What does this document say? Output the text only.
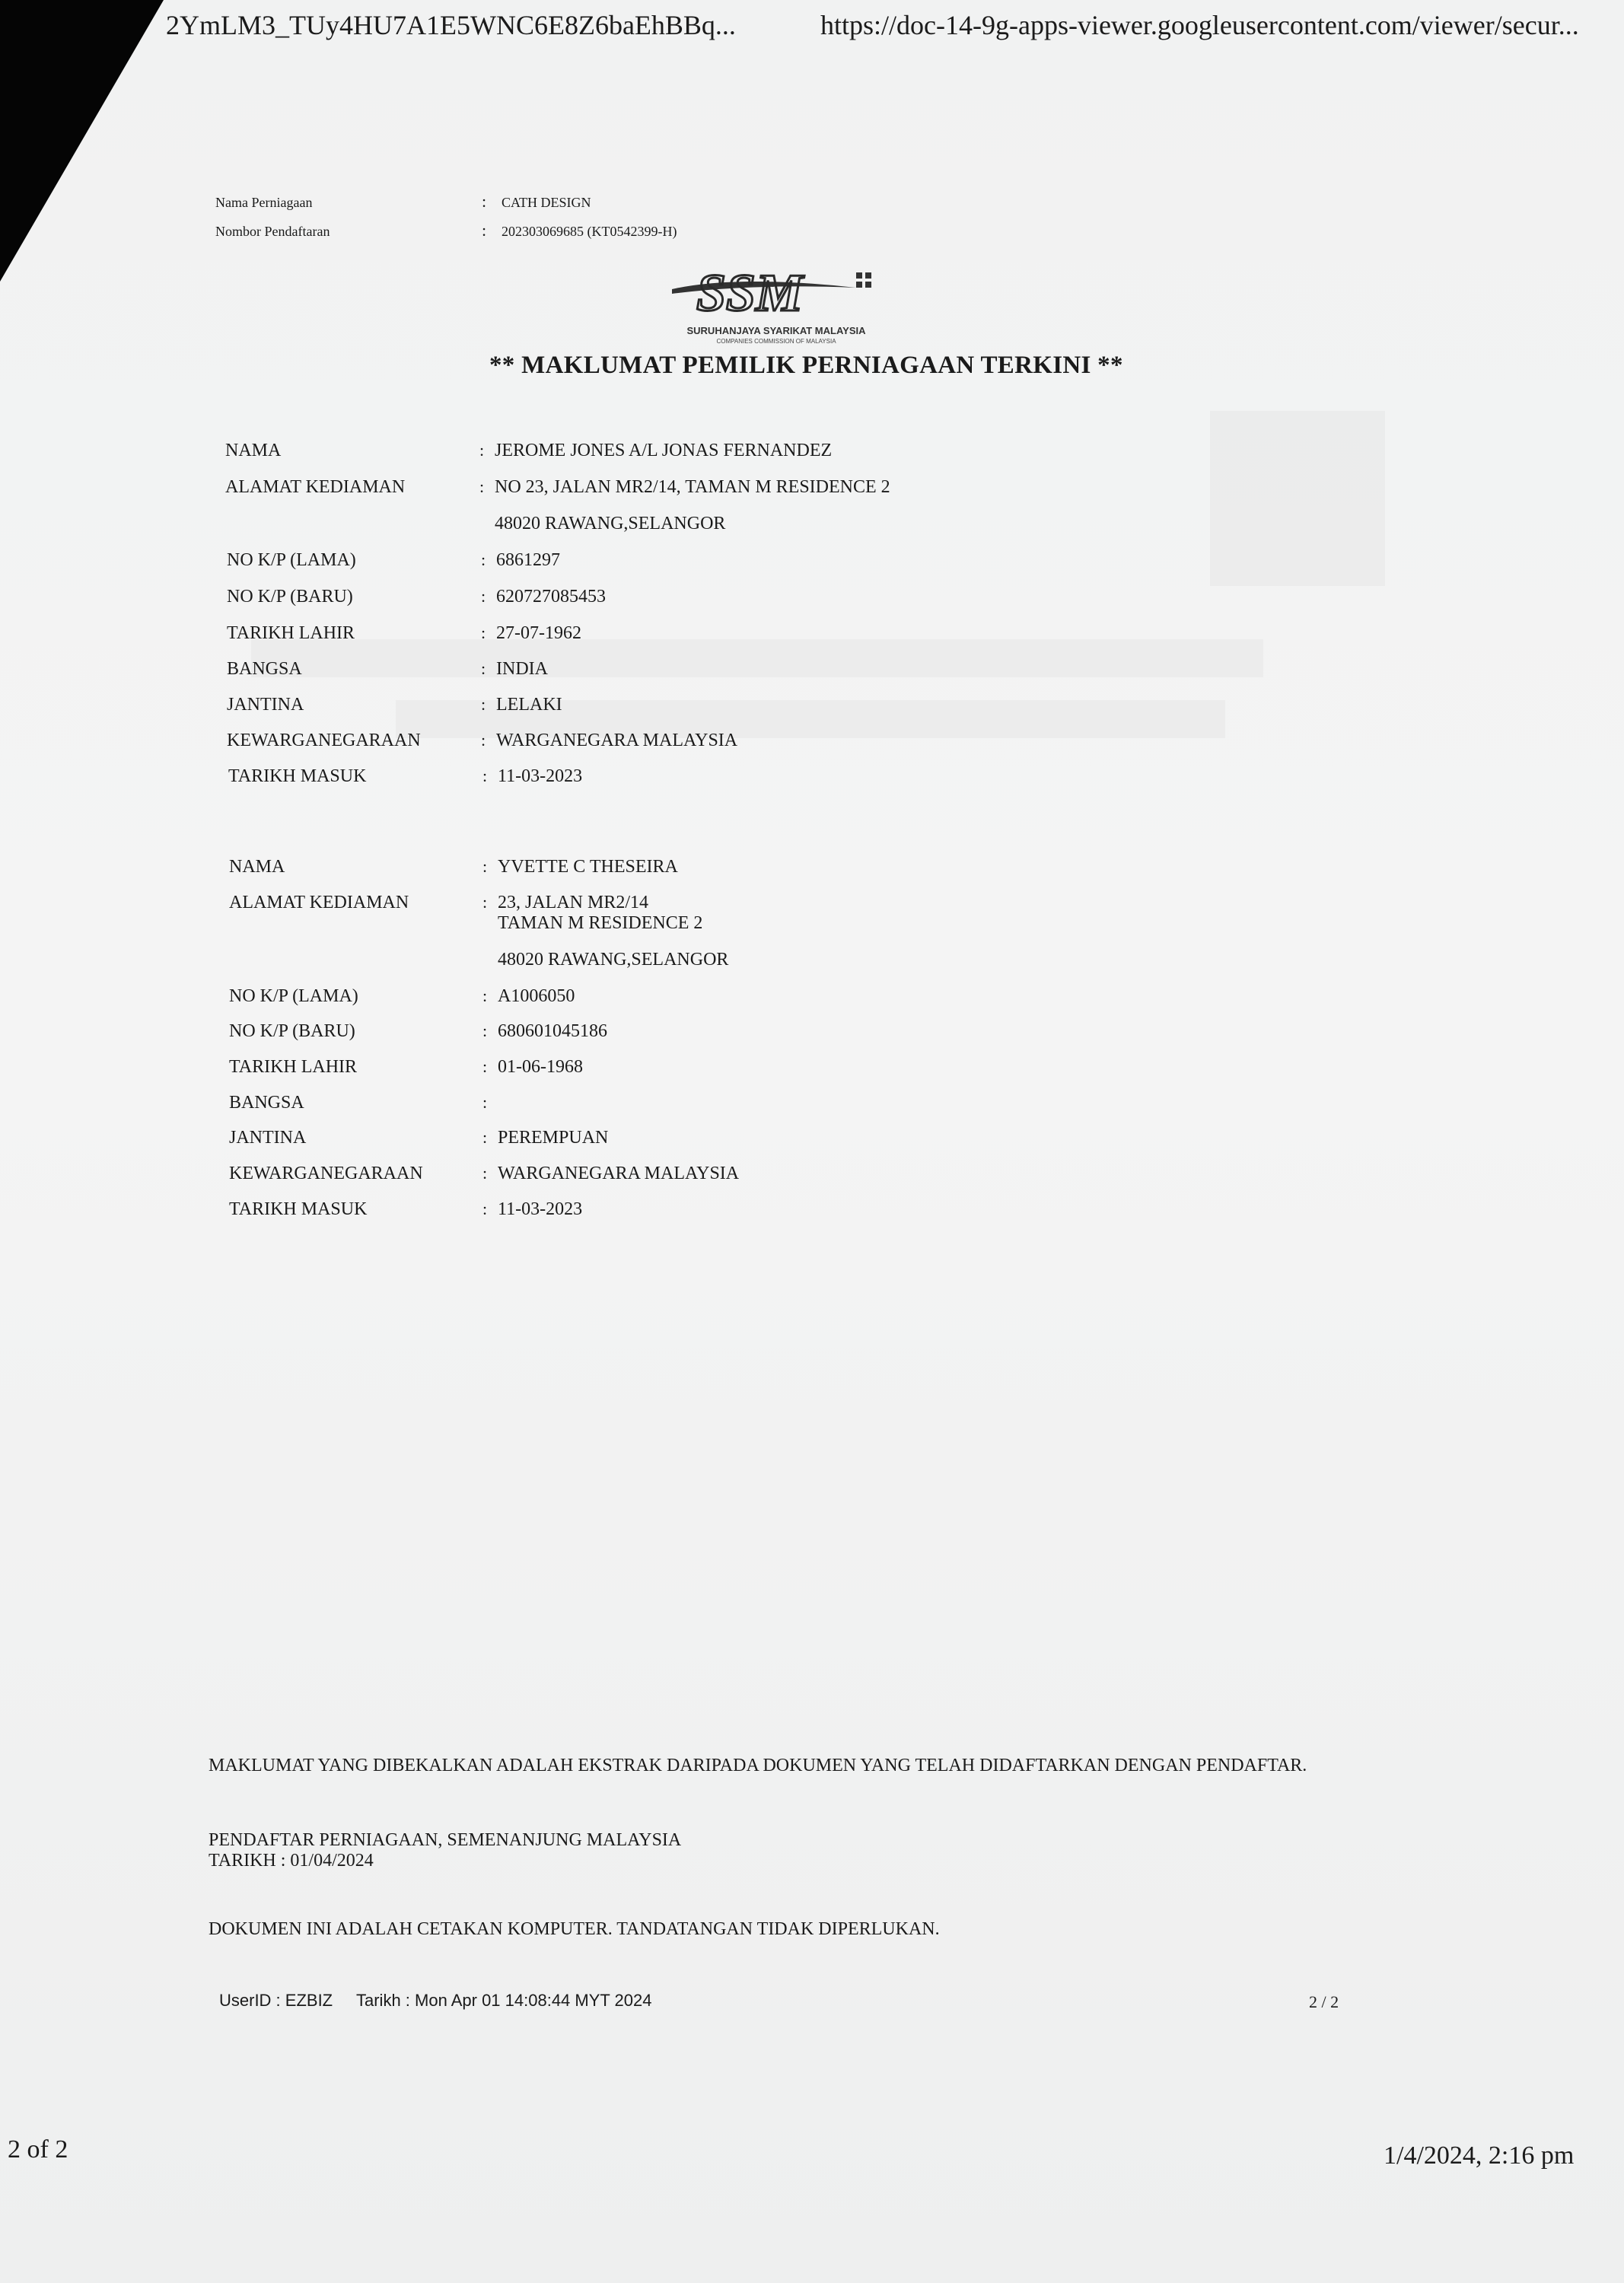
2YmLM3_TUy4HU7A1E5WNC6E8Z6baEhBBq...	https://doc-14-9g-apps-viewer.googleusercontent.com/viewer/secur...
Nama Perniagaan	: CATH DESIGN
Nombor Pendaftaran	: 202303069685 (KT0542399-H)
SSM
SURUHANJAYA SYARIKAT MALAYSIA
COMPANIES COMMISSION OF MALAYSIA
** MAKLUMAT PEMILIK PERNIAGAAN TERKINI **
NAMA	: JEROME JONES A/L JONAS FERNANDEZ
ALAMAT KEDIAMAN	: NO 23, JALAN MR2/14, TAMAN M RESIDENCE 2
48020 RAWANG,SELANGOR
NO K/P (LAMA)	: 6861297
NO K/P (BARU)	: 620727085453
TARIKH LAHIR	: 27-07-1962
BANGSA	: INDIA
JANTINA	: LELAKI
KEWARGANEGARAAN	: WARGANEGARA MALAYSIA
TARIKH MASUK	: 11-03-2023
NAMA	: YVETTE C THESEIRA
ALAMAT KEDIAMAN	: 23, JALAN MR2/14
TAMAN M RESIDENCE 2
48020 RAWANG,SELANGOR
NO K/P (LAMA)	: A1006050
NO K/P (BARU)	: 680601045186
TARIKH LAHIR	: 01-06-1968
BANGSA	:
JANTINA	: PEREMPUAN
KEWARGANEGARAAN	: WARGANEGARA MALAYSIA
TARIKH MASUK	: 11-03-2023
MAKLUMAT YANG DIBEKALKAN ADALAH EKSTRAK DARIPADA DOKUMEN YANG TELAH DIDAFTARKAN DENGAN PENDAFTAR.
PENDAFTAR PERNIAGAAN, SEMENANJUNG MALAYSIA
TARIKH : 01/04/2024
DOKUMEN INI ADALAH CETAKAN KOMPUTER. TANDATANGAN TIDAK DIPERLUKAN.
UserID : EZBIZ Tarikh : Mon Apr 01 14:08:44 MYT 2024	2 / 2
2 of 2	1/4/2024, 2:16 pm
